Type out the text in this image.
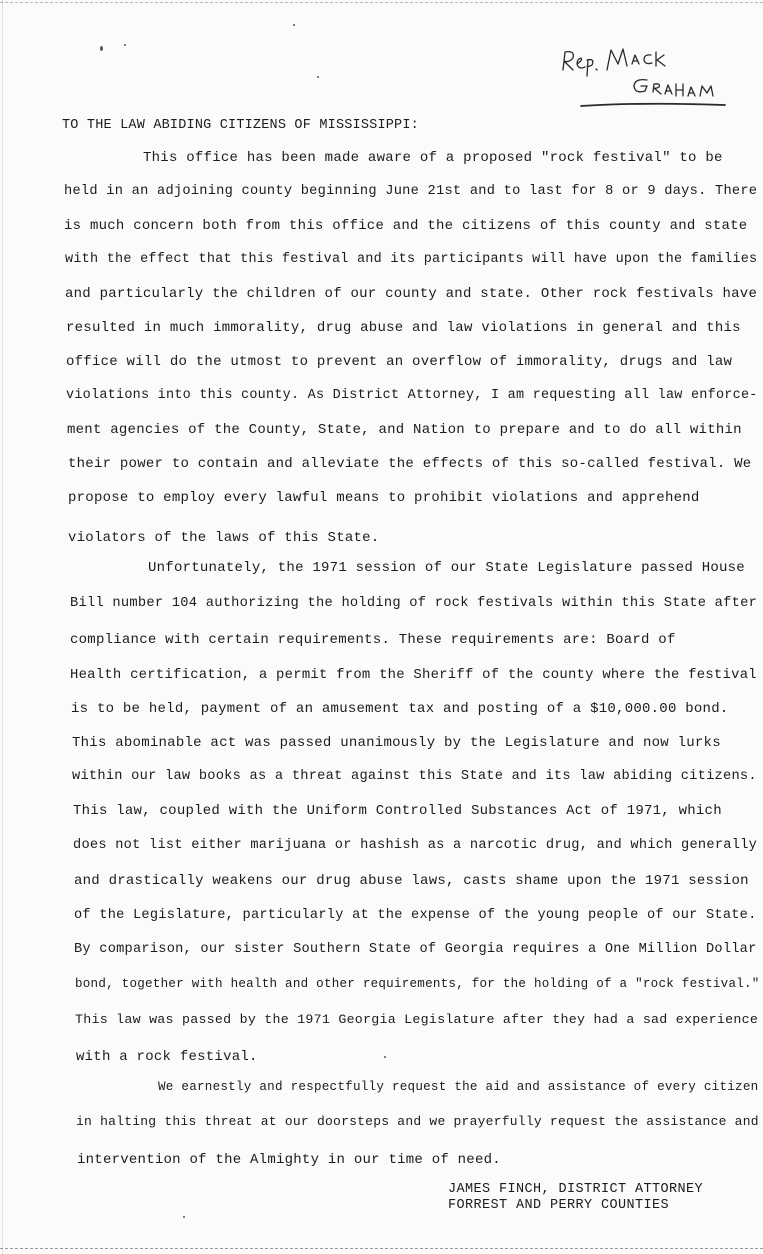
TO THE LAW ABIDING CITIZENS OF MISSISSIPPI:
This office has been made aware of a proposed "rock festival" to be
held in an adjoining county beginning June 21st and to last for 8 or 9 days. There
is much concern both from this office and the citizens of this county and state
with the effect that this festival and its participants will have upon the families
and particularly the children of our county and state. Other rock festivals have
resulted in much immorality, drug abuse and law violations in general and this
office will do the utmost to prevent an overflow of immorality, drugs and law
violations into this county. As District Attorney, I am requesting all law enforce-
ment agencies of the County, State, and Nation to prepare and to do all within
their power to contain and alleviate the effects of this so-called festival. We
propose to employ every lawful means to prohibit violations and apprehend
violators of the laws of this State.
Unfortunately, the 1971 session of our State Legislature passed House
Bill number 104 authorizing the holding of rock festivals within this State after
compliance with certain requirements. These requirements are: Board of
Health certification, a permit from the Sheriff of the county where the festival
is to be held, payment of an amusement tax and posting of a $10,000.00 bond.
This abominable act was passed unanimously by the Legislature and now lurks
within our law books as a threat against this State and its law abiding citizens.
This law, coupled with the Uniform Controlled Substances Act of 1971, which
does not list either marijuana or hashish as a narcotic drug, and which generally
and drastically weakens our drug abuse laws, casts shame upon the 1971 session
of the Legislature, particularly at the expense of the young people of our State.
By comparison, our sister Southern State of Georgia requires a One Million Dollar
bond, together with health and other requirements, for the holding of a "rock festival."
This law was passed by the 1971 Georgia Legislature after they had a sad experience
with a rock festival.
We earnestly and respectfully request the aid and assistance of every citizen
in halting this threat at our doorsteps and we prayerfully request the assistance and
intervention of the Almighty in our time of need.
JAMES FINCH, DISTRICT ATTORNEY
FORREST AND PERRY COUNTIES
